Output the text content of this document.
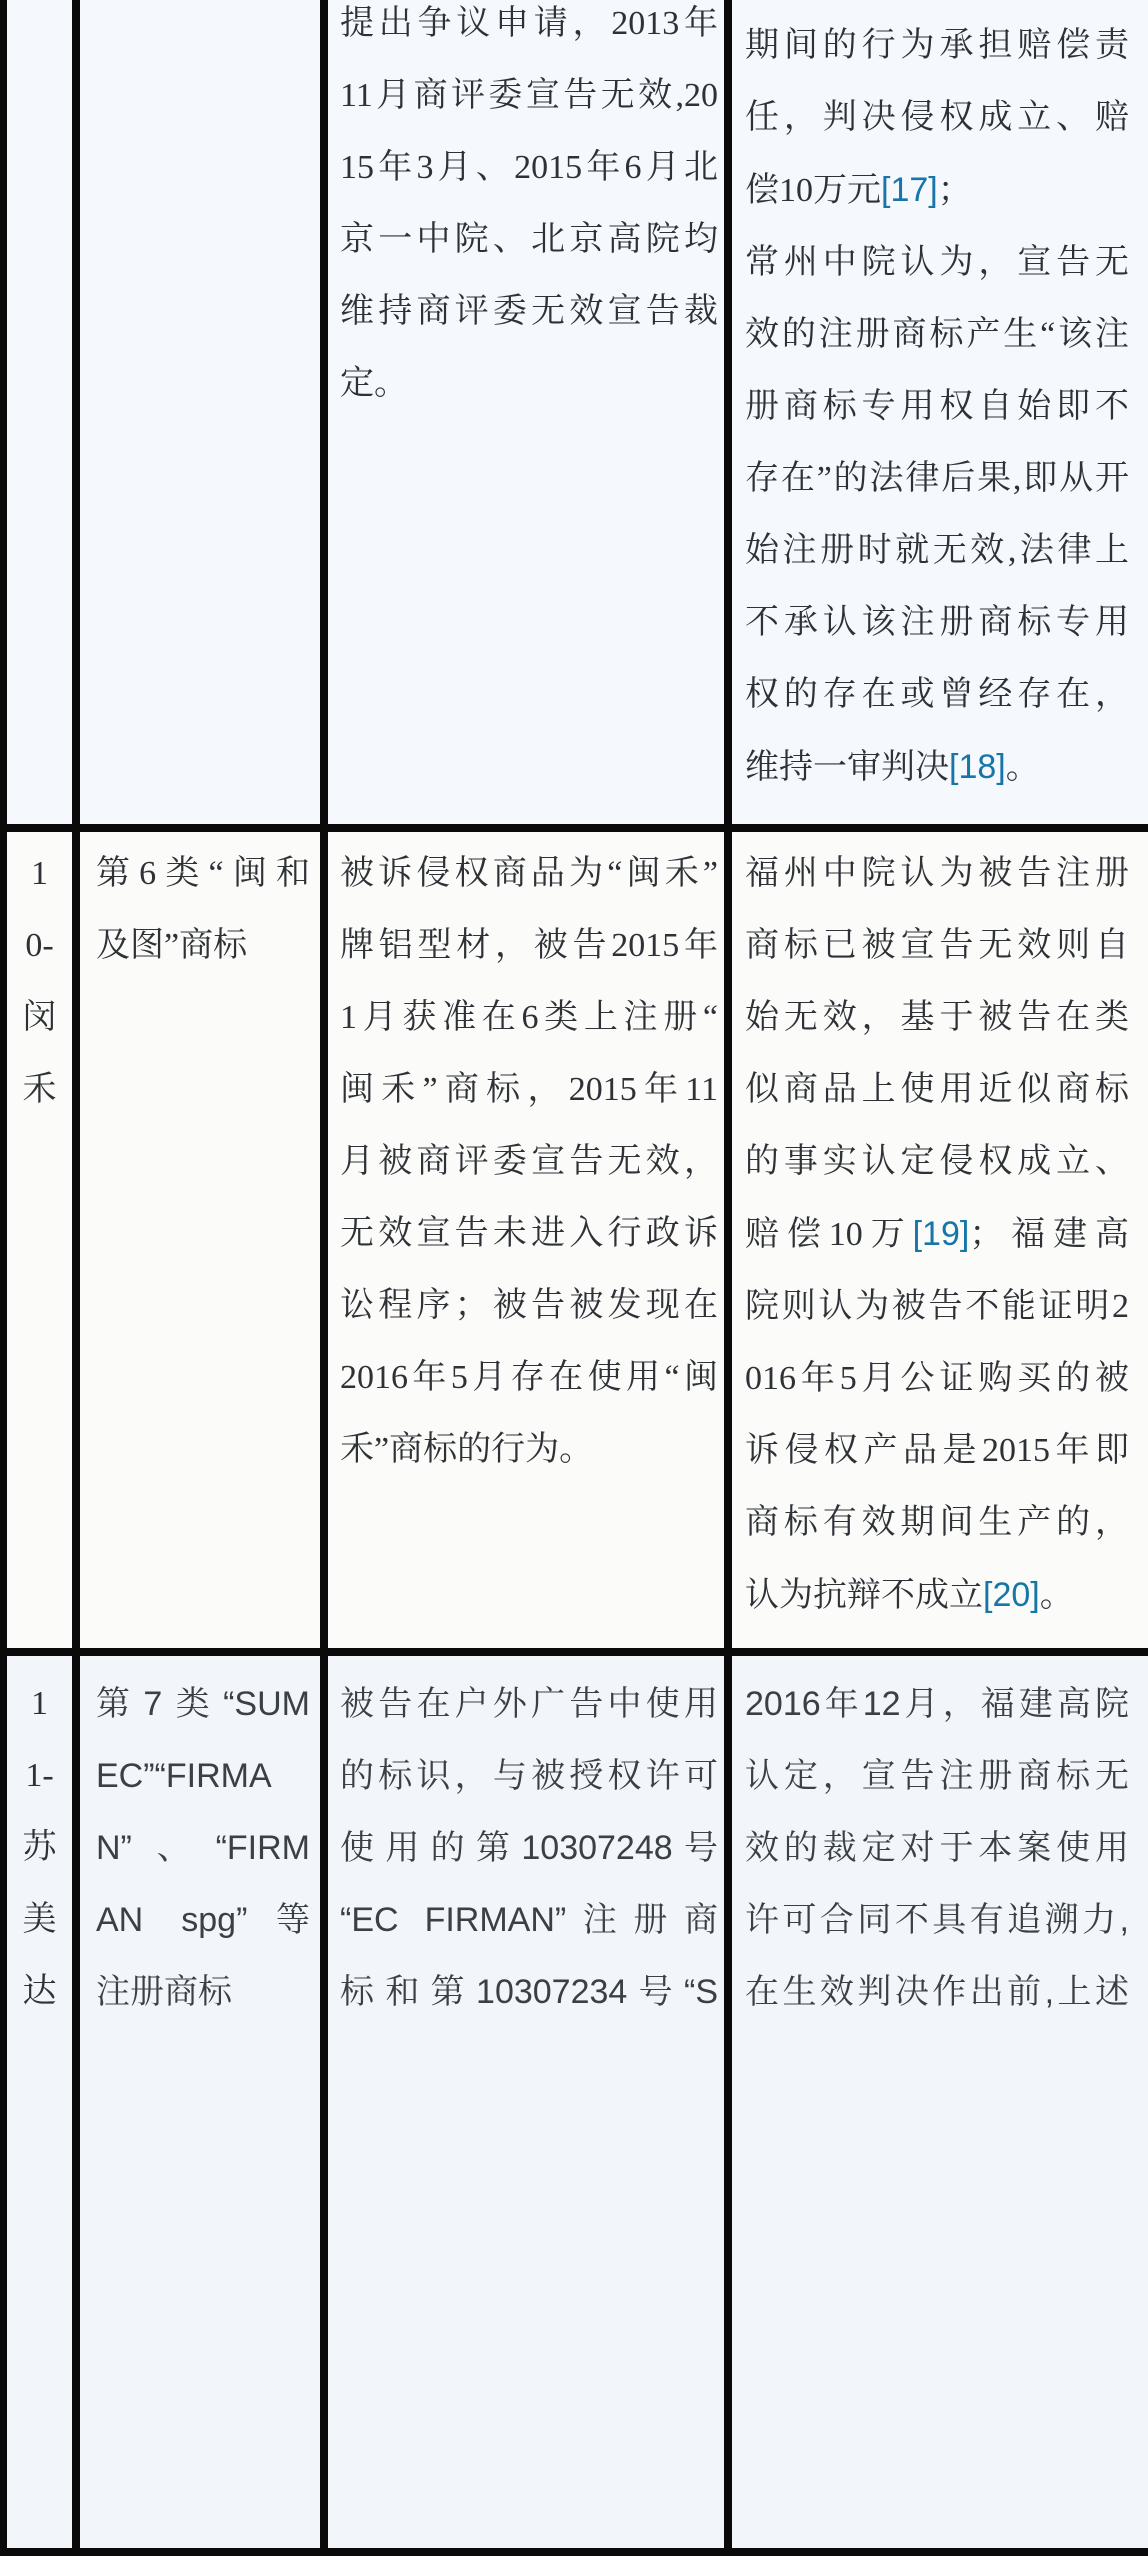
提出争议申请，2013年
11月商评委宣告无效,20
15年3月、2015年6月北
京一中院、北京高院均
维持商评委无效宣告裁
定。
期间的行为承担赔偿责
任，判决侵权成立、赔
偿10万元[17]；
常州中院认为，宣告无
效的注册商标产生“该注
册商标专用权自始即不
存在”的法律后果,即从开
始注册时就无效,法律上
不承认该注册商标专用
权的存在或曾经存在，
维持一审判决[18]。
1
0-
闵
禾
第6类“闽和
及图”商标
被诉侵权商品为“闽禾”
牌铝型材，被告2015年
1月获准在6类上注册“
闽禾”商标，2015年11
月被商评委宣告无效，
无效宣告未进入行政诉
讼程序；被告被发现在
2016年5月存在使用“闽
禾”商标的行为。
福州中院认为被告注册
商标已被宣告无效则自
始无效，基于被告在类
似商品上使用近似商标
的事实认定侵权成立、
赔偿10万[19]；福建高
院则认为被告不能证明2
016年5月公证购买的被
诉侵权产品是2015年即
商标有效期间生产的，
认为抗辩不成立[20]。
1
1-
苏
美
达
第7类“SUM
EC”“FIRMA
N”、“FIRM
AN spg”等
注册商标
被告在户外广告中使用
的标识，与被授权许可
使用的第10307248号
“EC FIRMAN”注册商
标和第10307234号“S
2016年12月，福建高院
认定，宣告注册商标无
效的裁定对于本案使用
许可合同不具有追溯力,
在生效判决作出前,上述
